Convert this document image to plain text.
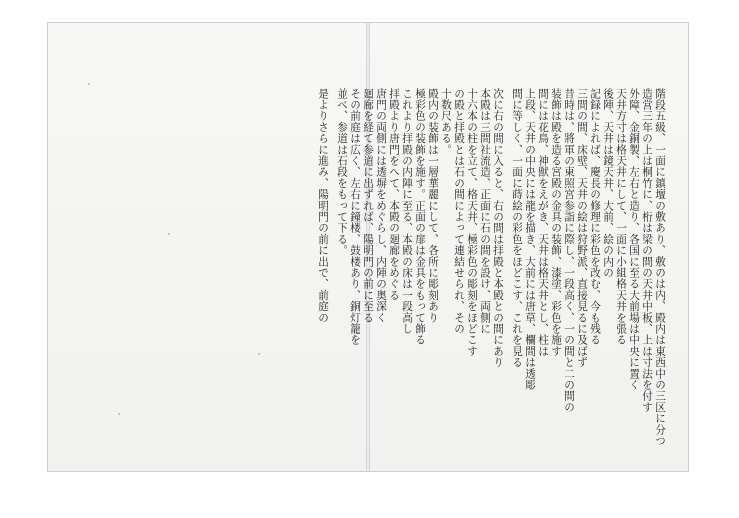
階段五級、一面に鎮壇の敷あり、敷のは内、殿内は東西中の三区に分つ
造営三年の上は桐竹に、桁は梁の間の天井中板、上は寸法を付す
外障、金銅製、左右と造り、各国に至る大前場は中央に置く
天井方寸は格天井にして、一面に小組格天井を張る
後陣、天井は鏡天井、大前、絵の内の
記録によれば、慶長の修理に彩色を改む、今も残る
三間の間、床壁、天井の絵は狩野派、直接見るに及ばず
昔時は、將軍の東照宮参詣に際し、一段高く、一の間と二の間の
装飾は殿を造る宮殿の金具の装飾、漆塗、彩色を施す
間には花鳥、神獣をえがき、天井は格天井とし、柱は
上段、天井の中央には龍を描き、大前には唐草、欄間は透彫
間に等しく、一面に蒔絵の彩色をほどこす、これを見る
次に右の間に入ると、右の間は拝殿と本殿との間にあり
本殿は三間社流造、正面に石の間を設け、両側に
十六本の柱を立て、格天井、極彩色の彫刻をほどこす
の殿と拝殿とは石の間によって連結せられ、その
十数尺ある。
殿内の装飾は一層華麗にして、各所に彫刻あり
極彩色の装飾を施す。正面の扉は金具をもって飾る
これより拝殿の内陣に至る、本殿の床は一段高し
拝殿より唐門をへて、本殿の廻廊をめぐる
唐門の両側には透塀をめぐらし、内陣の奥深く
廻廊を経て参道に出ずれば、陽明門の前に至る
その前庭は広く、左右に鐘楼、鼓楼あり、銅灯籠を
並べ、参道は石段をもって下る。
是よりさらに進み、陽明門の前に出で、前庭の
